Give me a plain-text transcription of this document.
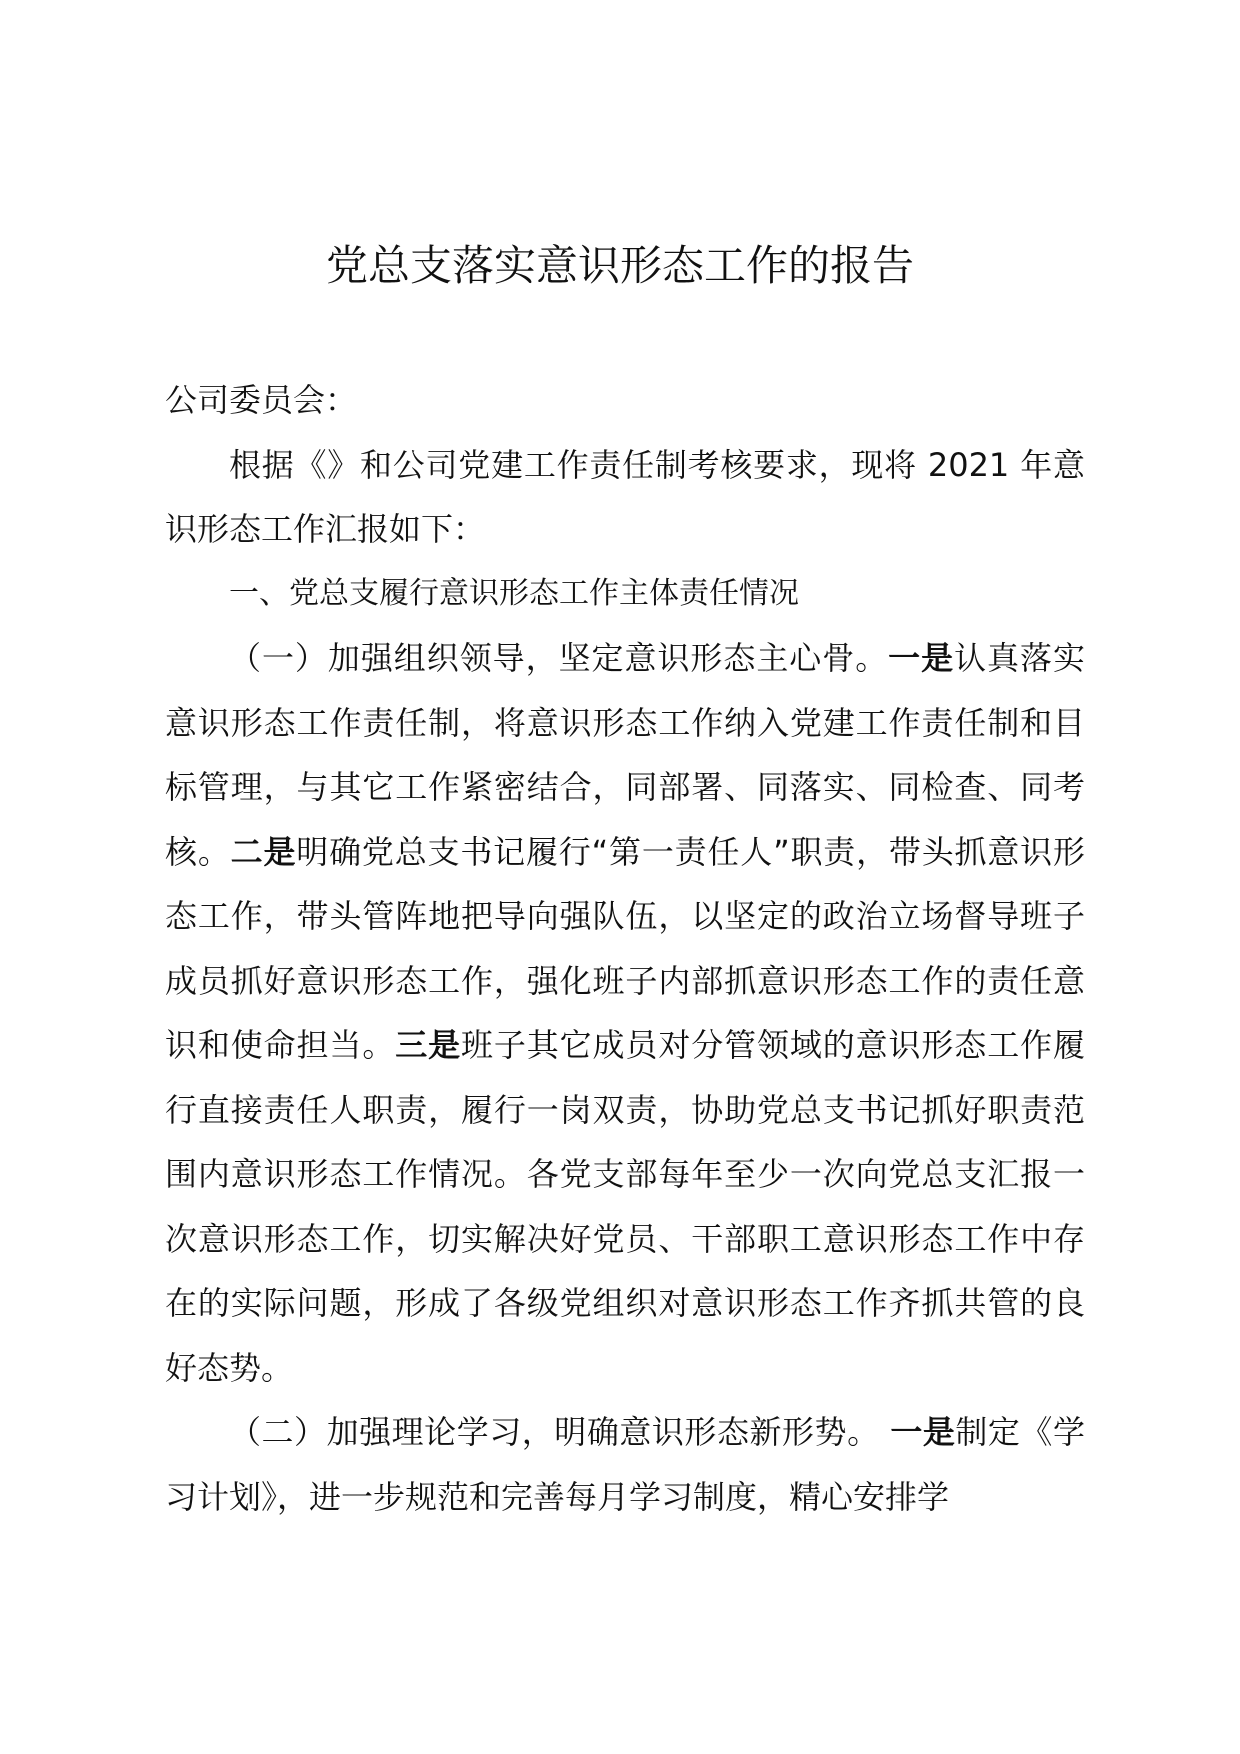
党总支落实意识形态工作的报告

公司委员会：

根据《》和公司党建工作责任制考核要求，现将 2021 年意识形态工作汇报如下：

一、党总支履行意识形态工作主体责任情况

（一）加强组织领导，坚定意识形态主心骨。一是认真落实意识形态工作责任制，将意识形态工作纳入党建工作责任制和目标管理，与其它工作紧密结合，同部署、同落实、同检查、同考核。二是明确党总支书记履行“第一责任人”职责，带头抓意识形态工作，带头管阵地把导向强队伍，以坚定的政治立场督导班子成员抓好意识形态工作，强化班子内部抓意识形态工作的责任意识和使命担当。三是班子其它成员对分管领域的意识形态工作履行直接责任人职责，履行一岗双责，协助党总支书记抓好职责范围内意识形态工作情况。各党支部每年至少一次向党总支汇报一次意识形态工作，切实解决好党员、干部职工意识形态工作中存在的实际问题，形成了各级党组织对意识形态工作齐抓共管的良好态势。

（二）加强理论学习，明确意识形态新形势。 一是制定《学习计划》，进一步规范和完善每月学习制度，精心安排学
